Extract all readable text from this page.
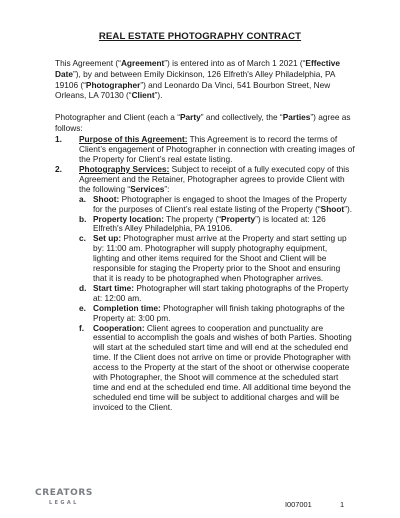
REAL ESTATE PHOTOGRAPHY CONTRACT
This Agreement (“Agreement”) is entered into as of March 1 2021 (“Effective Date”), by and between Emily Dickinson, 126 Elfreth's Alley Philadelphia, PA 19106 (“Photographer”) and Leonardo Da Vinci, 541 Bourbon Street, New Orleans, LA 70130 (“Client”).
Photographer and Client (each a “Party” and collectively, the “Parties”) agree as follows:
1. Purpose of this Agreement: This Agreement is to record the terms of Client’s engagement of Photographer in connection with creating images of the Property for Client’s real estate listing.
2. Photography Services: Subject to receipt of a fully executed copy of this Agreement and the Retainer, Photographer agrees to provide Client with the following “Services”:
a. Shoot: Photographer is engaged to shoot the Images of the Property for the purposes of Client’s real estate listing of the Property (“Shoot”).
b. Property location: The property (“Property”) is located at: 126 Elfreth's Alley Philadelphia, PA 19106.
c. Set up: Photographer must arrive at the Property and start setting up by: 11:00 am. Photographer will supply photography equipment, lighting and other items required for the Shoot and Client will be responsible for staging the Property prior to the Shoot and ensuring that it is ready to be photographed when Photographer arrives.
d. Start time: Photographer will start taking photographs of the Property at: 12:00 am.
e. Completion time: Photographer will finish taking photographs of the Property at: 3:00 pm.
f. Cooperation: Client agrees to cooperation and punctuality are essential to accomplish the goals and wishes of both Parties. Shooting will start at the scheduled start time and will end at the scheduled end time. If the Client does not arrive on time or provide Photographer with access to the Property at the start of the shoot or otherwise cooperate with Photographer, the Shoot will commence at the scheduled start time and end at the scheduled end time. All additional time beyond the scheduled end time will be subject to additional charges and will be invoiced to the Client.
CREATORS
LEGAL	I007001	1
